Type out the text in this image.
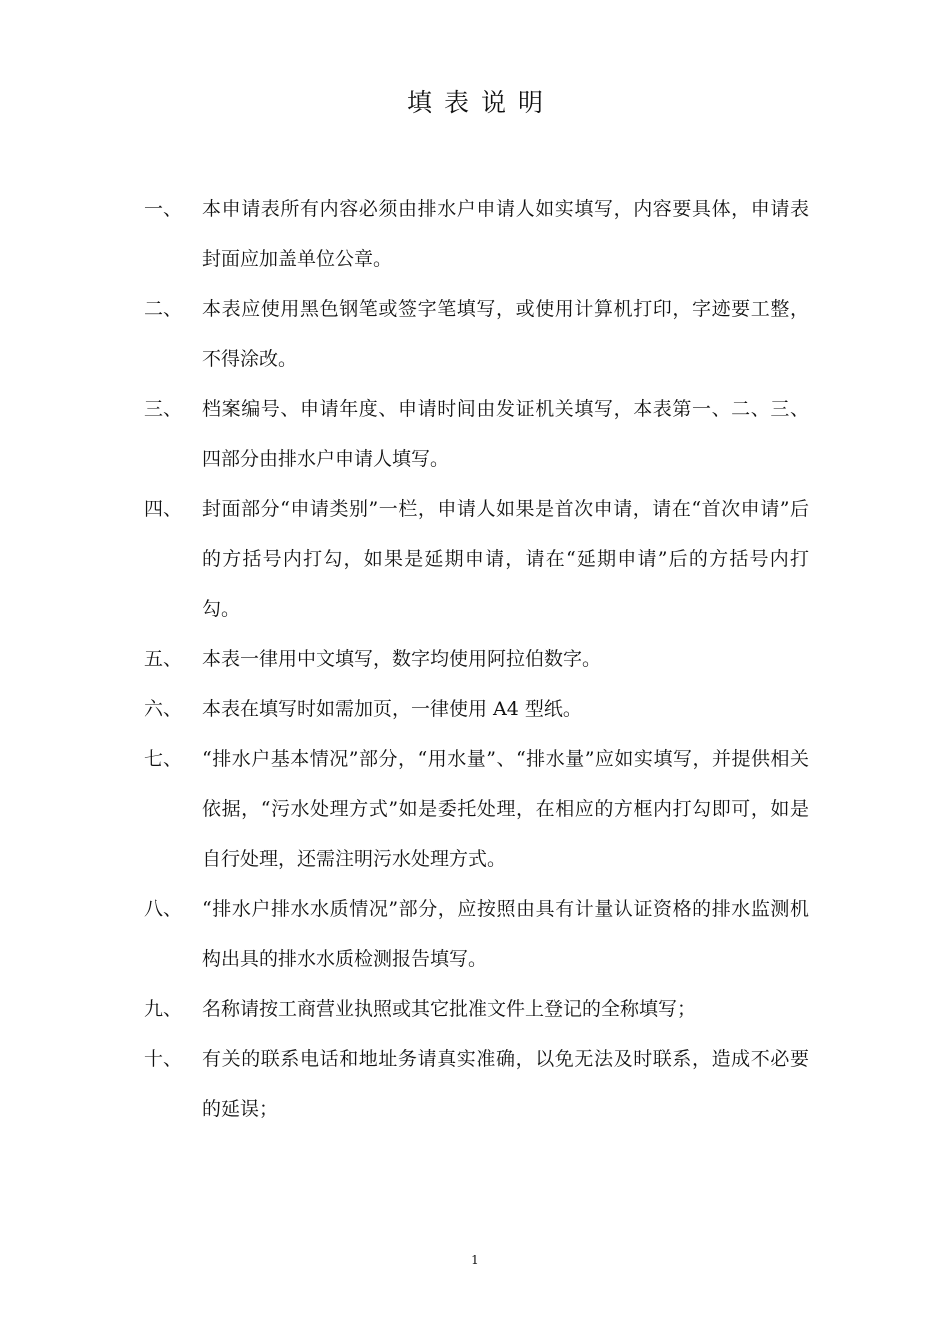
填表说明
一、	本申请表所有内容必须由排水户申请人如实填写，内容要具体，申请表封面应加盖单位公章。
二、	本表应使用黑色钢笔或签字笔填写，或使用计算机打印，字迹要工整，不得涂改。
三、	档案编号、申请年度、申请时间由发证机关填写，本表第一、二、三、四部分由排水户申请人填写。
四、	封面部分“申请类别”一栏，申请人如果是首次申请，请在“首次申请”后的方括号内打勾，如果是延期申请，请在“延期申请”后的方括号内打勾。
五、	本表一律用中文填写，数字均使用阿拉伯数字。
六、	本表在填写时如需加页，一律使用 A4 型纸。
七、	“排水户基本情况”部分，“用水量”、“排水量”应如实填写，并提供相关依据，“污水处理方式”如是委托处理，在相应的方框内打勾即可，如是自行处理，还需注明污水处理方式。
八、	“排水户排水水质情况”部分，应按照由具有计量认证资格的排水监测机构出具的排水水质检测报告填写。
九、	名称请按工商营业执照或其它批准文件上登记的全称填写；
十、	有关的联系电话和地址务请真实准确，以免无法及时联系，造成不必要的延误；
1
